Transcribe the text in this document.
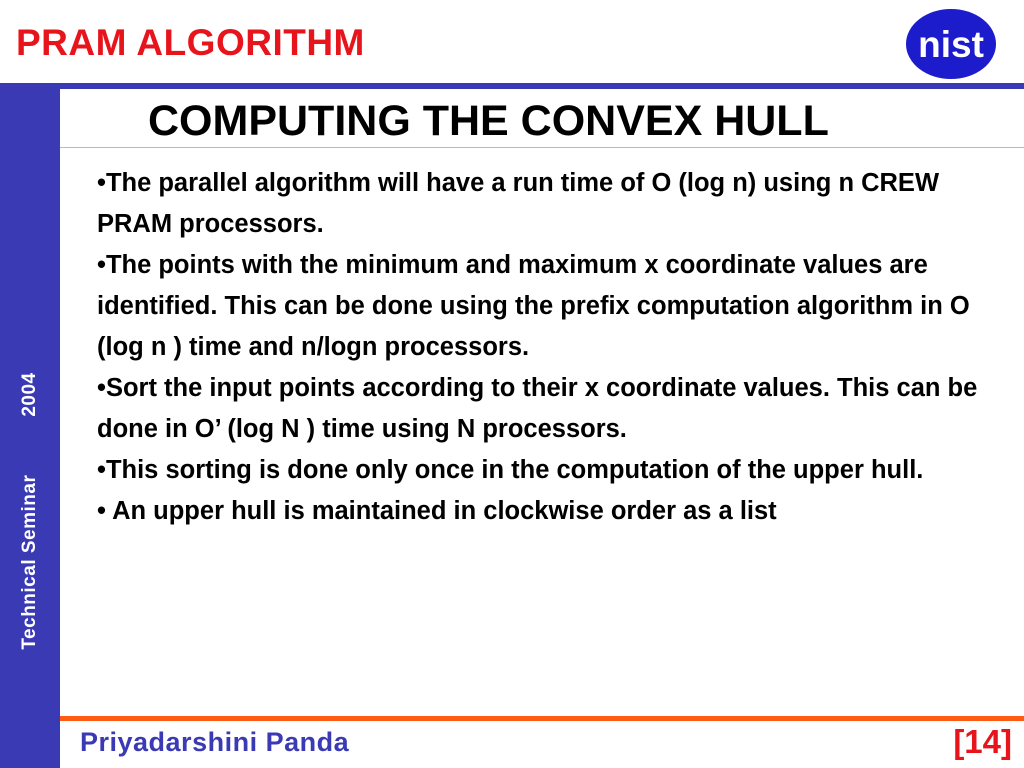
PRAM ALGORITHM	nist
Technical Seminar2004
COMPUTING THE CONVEX HULL
•The parallel algorithm will have a run time of O (log n) using n CREW PRAM processors.
•The points with the minimum and maximum x coordinate values are identified. This can be done using the prefix computation algorithm in O (log n ) time and n/logn processors.
•Sort the input points according to their x coordinate values. This can be done in O’ (log N ) time using N processors.
•This sorting is done only once in the computation of the upper hull.
• An upper hull is maintained in clockwise order as a list
Priyadarshini Panda	[14]
